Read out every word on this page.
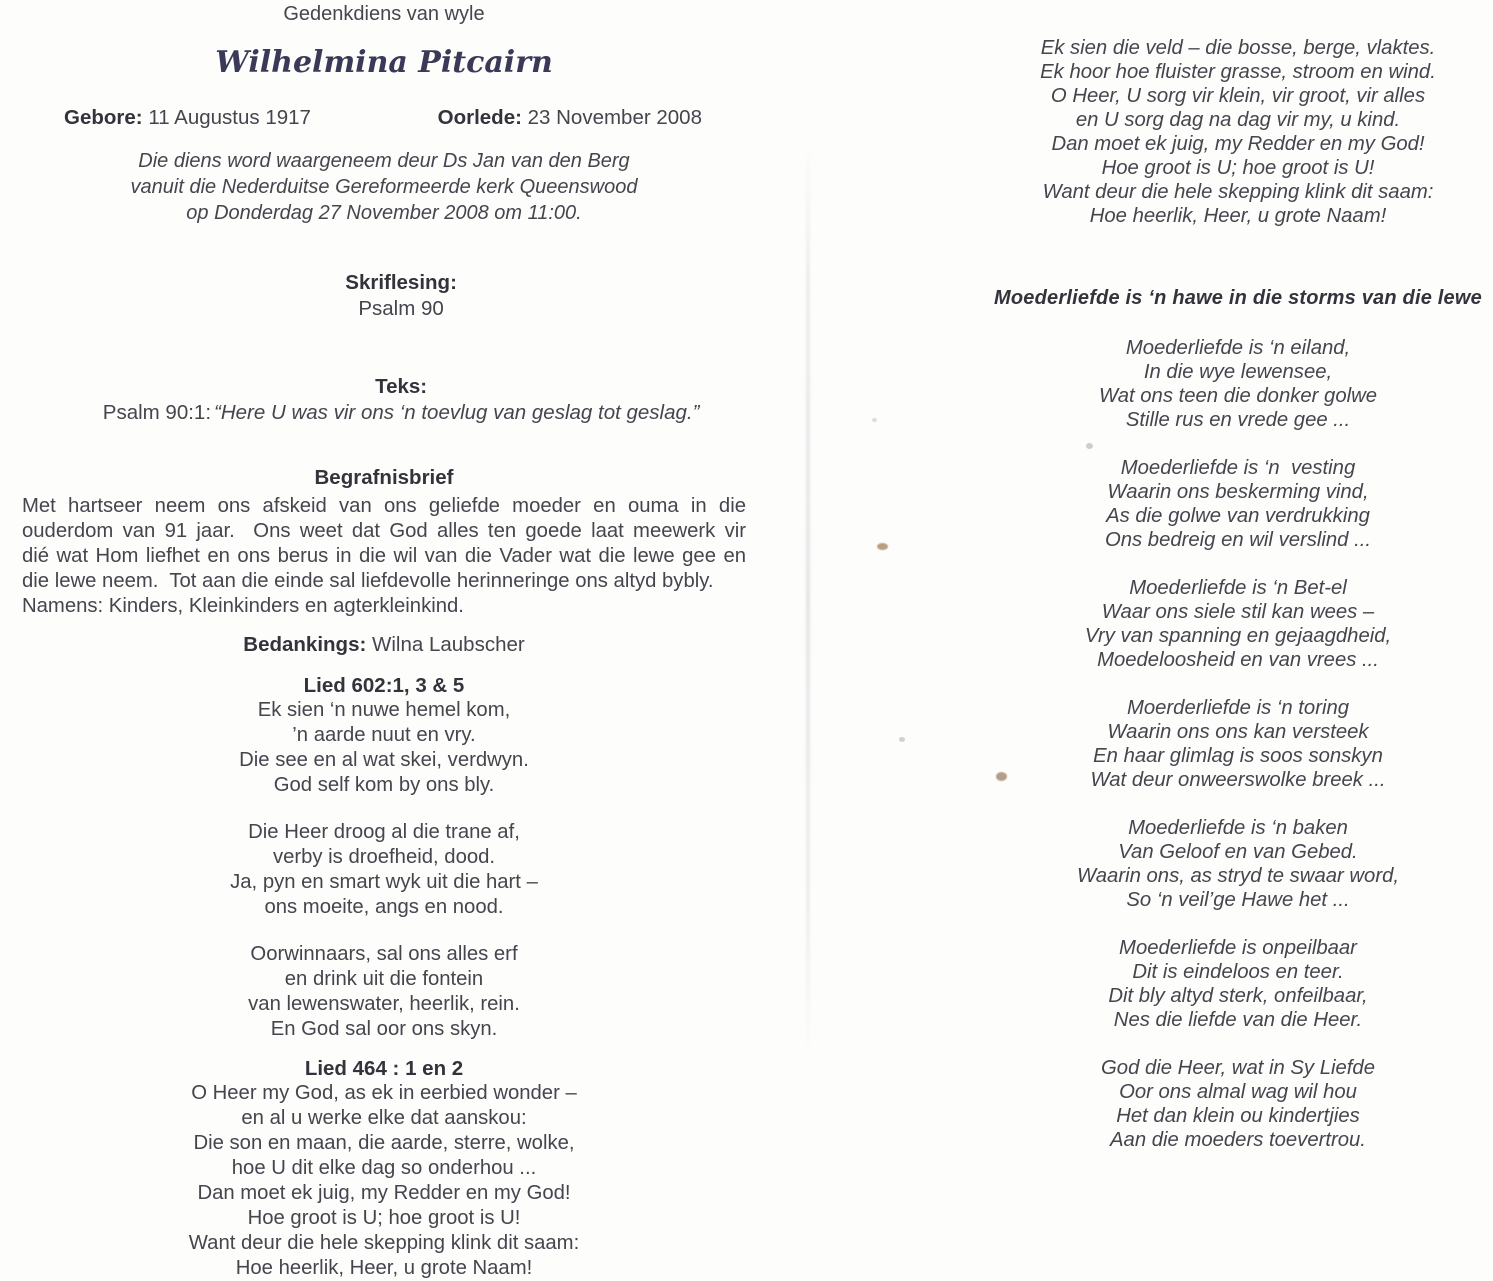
Gedenkdiens van wyle
Wilhelmina Pitcairn
Gebore: 11 Augustus 1917	Oorlede: 23 November 2008
Die diens word waargeneem deur Ds Jan van den Berg
vanuit die Nederduitse Gereformeerde kerk Queenswood
op Donderdag 27 November 2008 om 11:00.

Skriflesing:
Psalm 90

Teks:
Psalm 90:1: “Here U was vir ons ‘n toevlug van geslag tot geslag.”

Begrafnisbrief
Met hartseer neem ons afskeid van ons geliefde moeder en ouma in die
ouderdom van 91 jaar.  Ons weet dat God alles ten goede laat meewerk vir
dié wat Hom liefhet en ons berus in die wil van die Vader wat die lewe gee en
die lewe neem.  Tot aan die einde sal liefdevolle herinneringe ons altyd bybly.
Namens: Kinders, Kleinkinders en agterkleinkind.
Bedankings: Wilna Laubscher
Lied 602:1, 3 & 5
Ek sien ‘n nuwe hemel kom,
’n aarde nuut en vry.
Die see en al wat skei, verdwyn.
God self kom by ons bly.
Die Heer droog al die trane af,
verby is droefheid, dood.
Ja, pyn en smart wyk uit die hart –
ons moeite, angs en nood.
Oorwinnaars, sal ons alles erf
en drink uit die fontein
van lewenswater, heerlik, rein.
En God sal oor ons skyn.
Lied 464 : 1 en 2
O Heer my God, as ek in eerbied wonder –
en al u werke elke dat aanskou:
Die son en maan, die aarde, sterre, wolke,
hoe U dit elke dag so onderhou ...
Dan moet ek juig, my Redder en my God!
Hoe groot is U; hoe groot is U!
Want deur die hele skepping klink dit saam:
Hoe heerlik, Heer, u grote Naam!
Ek sien die veld – die bosse, berge, vlaktes.
Ek hoor hoe fluister grasse, stroom en wind.
O Heer, U sorg vir klein, vir groot, vir alles
en U sorg dag na dag vir my, u kind.
Dan moet ek juig, my Redder en my God!
Hoe groot is U; hoe groot is U!
Want deur die hele skepping klink dit saam:
Hoe heerlik, Heer, u grote Naam!
Moederliefde is ‘n hawe in die storms van die lewe
Moederliefde is ‘n eiland,
In die wye lewensee,
Wat ons teen die donker golwe
Stille rus en vrede gee ...
Moederliefde is ‘n  vesting
Waarin ons beskerming vind,
As die golwe van verdrukking
Ons bedreig en wil verslind ...
Moederliefde is ‘n Bet-el
Waar ons siele stil kan wees –
Vry van spanning en gejaagdheid,
Moedeloosheid en van vrees ...
Moerderliefde is ‘n toring
Waarin ons ons kan versteek
En haar glimlag is soos sonskyn
Wat deur onweerswolke breek ...
Moederliefde is ‘n baken
Van Geloof en van Gebed.
Waarin ons, as stryd te swaar word,
So ‘n veil’ge Hawe het ...
Moederliefde is onpeilbaar
Dit is eindeloos en teer.
Dit bly altyd sterk, onfeilbaar,
Nes die liefde van die Heer.
God die Heer, wat in Sy Liefde
Oor ons almal wag wil hou
Het dan klein ou kindertjies
Aan die moeders toevertrou.
